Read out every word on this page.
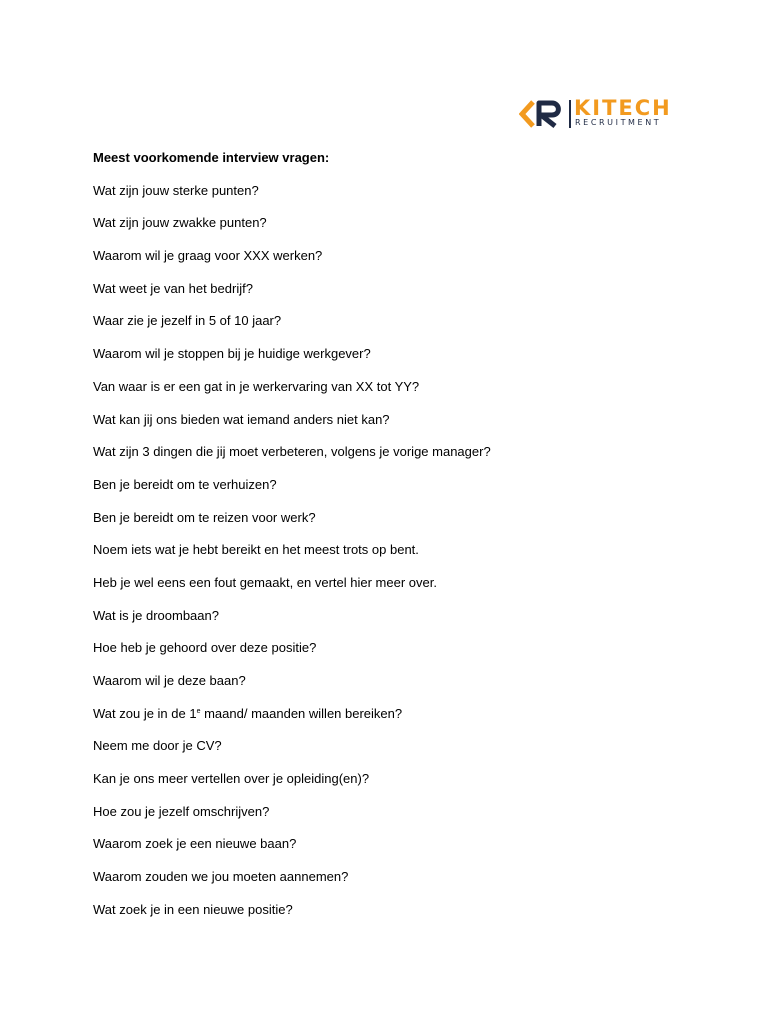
KITECH
RECRUITMENT
Meest voorkomende interview vragen:
Wat zijn jouw sterke punten?
Wat zijn jouw zwakke punten?
Waarom wil je graag voor XXX werken?
Wat weet je van het bedrijf?
Waar zie je jezelf in 5 of 10 jaar?
Waarom wil je stoppen bij je huidige werkgever?
Van waar is er een gat in je werkervaring van XX tot YY?
Wat kan jij ons bieden wat iemand anders niet kan?
Wat zijn 3 dingen die jij moet verbeteren, volgens je vorige manager?
Ben je bereidt om te verhuizen?
Ben je bereidt om te reizen voor werk?
Noem iets wat je hebt bereikt en het meest trots op bent.
Heb je wel eens een fout gemaakt, en vertel hier meer over.
Wat is je droombaan?
Hoe heb je gehoord over deze positie?
Waarom wil je deze baan?
Wat zou je in de 1e maand/ maanden willen bereiken?
Neem me door je CV?
Kan je ons meer vertellen over je opleiding(en)?
Hoe zou je jezelf omschrijven?
Waarom zoek je een nieuwe baan?
Waarom zouden we jou moeten aannemen?
Wat zoek je in een nieuwe positie?
